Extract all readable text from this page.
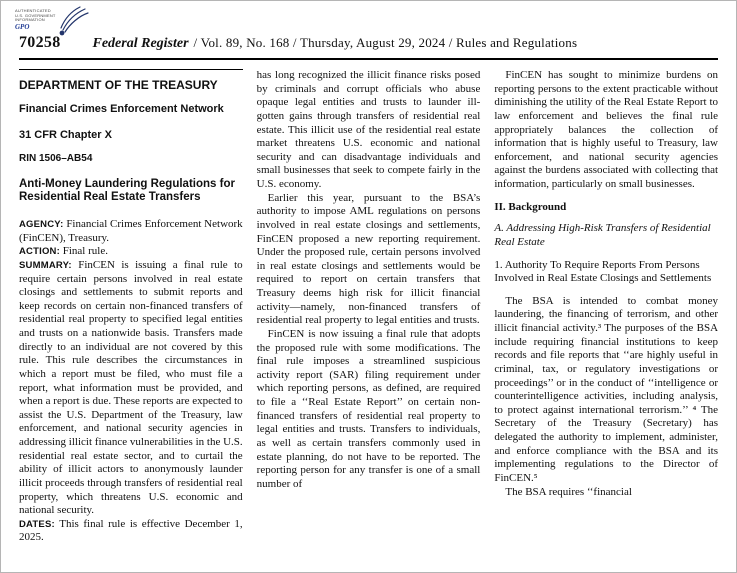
AUTHENTICATED
U.S. GOVERNMENT
INFORMATION
GPO
70258 Federal Register / Vol. 89, No. 168 / Thursday, August 29, 2024 / Rules and Regulations
DEPARTMENT OF THE TREASURY
Financial Crimes Enforcement Network
31 CFR Chapter X
RIN 1506–AB54
Anti-Money Laundering Regulations for Residential Real Estate Transfers

AGENCY: Financial Crimes Enforcement Network (FinCEN), Treasury.

ACTION: Final rule.

SUMMARY: FinCEN is issuing a final rule to require certain persons involved in real estate closings and settlements to submit reports and keep records on certain non-financed transfers of residential real property to specified legal entities and trusts on a nationwide basis. Transfers made directly to an individual are not covered by this rule. This rule describes the circumstances in which a report must be filed, who must file a report, what information must be provided, and when a report is due. These reports are expected to assist the U.S. Department of the Treasury, law enforcement, and national security agencies in addressing illicit finance vulnerabilities in the U.S. residential real estate sector, and to curtail the ability of illicit actors to anonymously launder illicit proceeds through transfers of residential real property, which threatens U.S. economic and national security.

DATES: This final rule is effective December 1, 2025.

has long recognized the illicit finance risks posed by criminals and corrupt officials who abuse opaque legal entities and trusts to launder ill-gotten gains through transfers of residential real estate. This illicit use of the residential real estate market threatens U.S. economic and national security and can disadvantage individuals and small businesses that seek to compete fairly in the U.S. economy.

Earlier this year, pursuant to the BSA’s authority to impose AML regulations on persons involved in real estate closings and settlements, FinCEN proposed a new reporting requirement. Under the proposed rule, certain persons involved in real estate closings and settlements would be required to report on certain transfers that Treasury deems high risk for illicit financial activity—namely, non-financed transfers of residential real property to legal entities and trusts.

FinCEN is now issuing a final rule that adopts the proposed rule with some modifications. The final rule imposes a streamlined suspicious activity report (SAR) filing requirement under which reporting persons, as defined, are required to file a ‘‘Real Estate Report’’ on certain non-financed transfers of residential real property to legal entities and trusts. Transfers to individuals, as well as certain transfers commonly used in estate planning, do not have to be reported. The reporting person for any transfer is one of a small number of

FinCEN has sought to minimize burdens on reporting persons to the extent practicable without diminishing the utility of the Real Estate Report to law enforcement and believes the final rule appropriately balances the collection of information that is highly useful to Treasury, law enforcement, and national security agencies against the burdens associated with collecting that information, particularly on small businesses.

II. Background
A. Addressing High-Risk Transfers of Residential Real Estate
1. Authority To Require Reports From Persons Involved in Real Estate Closings and Settlements

The BSA is intended to combat money laundering, the financing of terrorism, and other illicit financial activity.³ The purposes of the BSA include requiring financial institutions to keep records and file reports that ‘‘are highly useful in criminal, tax, or regulatory investigations or proceedings’’ or in the conduct of ‘‘intelligence or counterintelligence activities, including analysis, to protect against international terrorism.’’ ⁴ The Secretary of the Treasury (Secretary) has delegated the authority to implement, administer, and enforce compliance with the BSA and its implementing regulations to the Director of FinCEN.⁵

The BSA requires ‘‘financial
